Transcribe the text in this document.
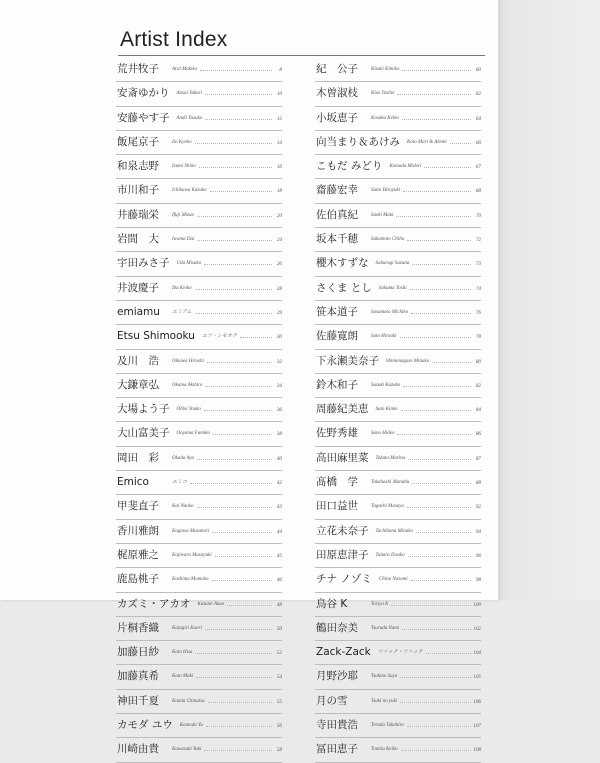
Artist Index
荒井牧子	Arai Makiko	8
安斎ゆかり Ansai Yukari	10
安藤やす子 Andō Yasuko	12
飯尾京子	Iio Kyoko	14
和泉志野	Izumi Shino	16
市川和子	Ichikawa Kazuko	18
井藤瑞栄	Ifuji Mizue	20
岩間　大	Iwama Dai	24
宇田みさ子 Uda Misako	26
井波慶子	Iba Keiko	28
emiamu エミアム	29
Etsu Shimooku エツ・シモオク	30
及川　浩	Oikawa Hiroshi	32
大鎌章弘	Okama Akihiro	34
大場よう子 Ohba Youko	36
大山富美子 Ooyama Fumiko	38
岡田　彩	Okada Aya	40
Emico	エミコ	42
甲斐直子	Kai Naoko	43
香川雅朗	Kagawa Masanori	44
梶原雅之	Kajiwara Masayuki	45
鹿島桃子	Kashima Momoko	46
カズミ・アカオ Kazumi Akao	48
片桐香織	Katagiri Kaori	50
加藤日紗	Kato Hisa	52
加藤真希	Kato Maki	54
神田千夏	Kanda Chinatsu	55
カモダ ユウ Kamoda Yu	56
川崎由貴	Kawasaki Yuki	58
紀　公子	Kisaki Kimiko	60
木曽淑枝	Kiso Toshie	62
小坂恵子	Kosaka Keiko	64
向当まり＆あけみ Koto Mari & Akemi	66
こもだ みどり Komoda Midori	67
齋藤宏幸	Saito Hiroyuki	68
佐伯真紀	Saeki Maki	70
坂本千穂	Sakamoto Chiho	72
櫻木すずな Sakuragi Suzuna	73
さくま とし Sakuma Toshi	74
笹本道子	Sasamoto Michiko	76
佐藤寛朗	Sato Hiroaki	78
下永瀬美奈子 Shimonagase Minako	80
鈴木和子	Suzuki Kazuko	82
周藤紀美恵 Suto Kimie	84
佐野秀雄	Sano Hideo	86
高田麻里菜 Takata Marina	87
髙橋　学	Takahashi Manabu	88
田口益世	Taguchi Masuyo	92
立花未奈子 Tachibana Minako	94
田原恵津子 Tahara Etsuko	96
チナ ノゾミ China Nozomi	98
鳥谷 K	Toriya K	100
鶴田奈美	Tsuruda Nami	102
Zack-Zack ツァック・ツァック	104
月野沙耶	Tsukino Saya	105
月の雪	Tsuki no yuki	106
寺田貴浩	Terada Takahiro	107
冨田恵子	Tomita Keiko	108
